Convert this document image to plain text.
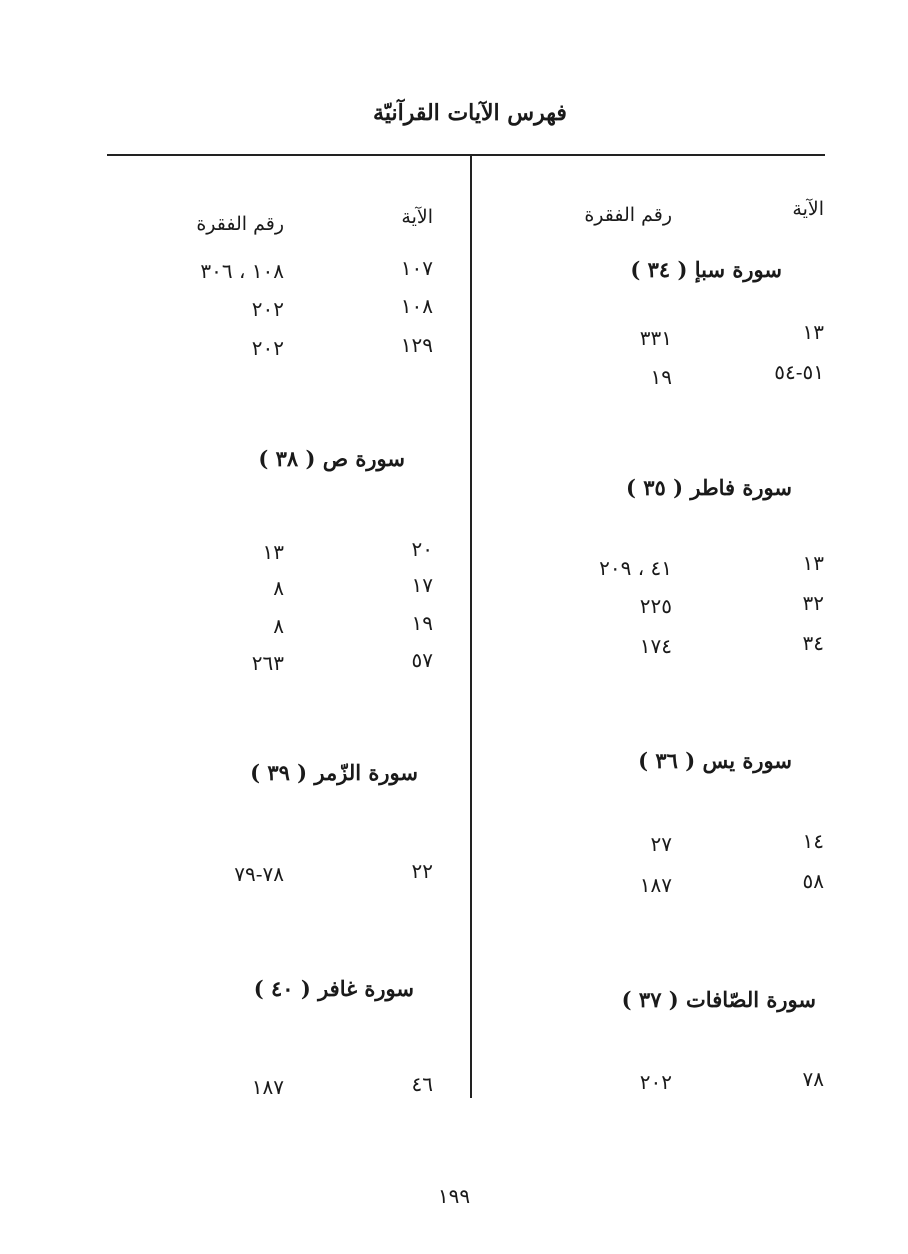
فهرس الآيات القرآنيّة
الآية
رقم الفقرة
سورة سبإ ( ٣٤ )
١٣
٣٣١
٥١-٥٤
١٩
سورة فاطر ( ٣٥ )
١٣
٤١ ، ٢٠٩
٣٢
٢٢٥
٣٤
١٧٤
سورة يس ( ٣٦ )
١٤
٢٧
٥٨
١٨٧
سورة الصّافات ( ٣٧ )
٧٨
٢٠٢
الآية
رقم الفقرة
١٠٧
١٠٨ ، ٣٠٦
١٠٨
٢٠٢
١٢٩
٢٠٢
سورة ص ( ٣٨ )
٢٠
١٣
١٧
٨
١٩
٨
٥٧
٢٦٣
سورة الزّمر ( ٣٩ )
٢٢
٧٨-٧٩
سورة غافر ( ٤٠ )
٤٦
١٨٧
١٩٩
